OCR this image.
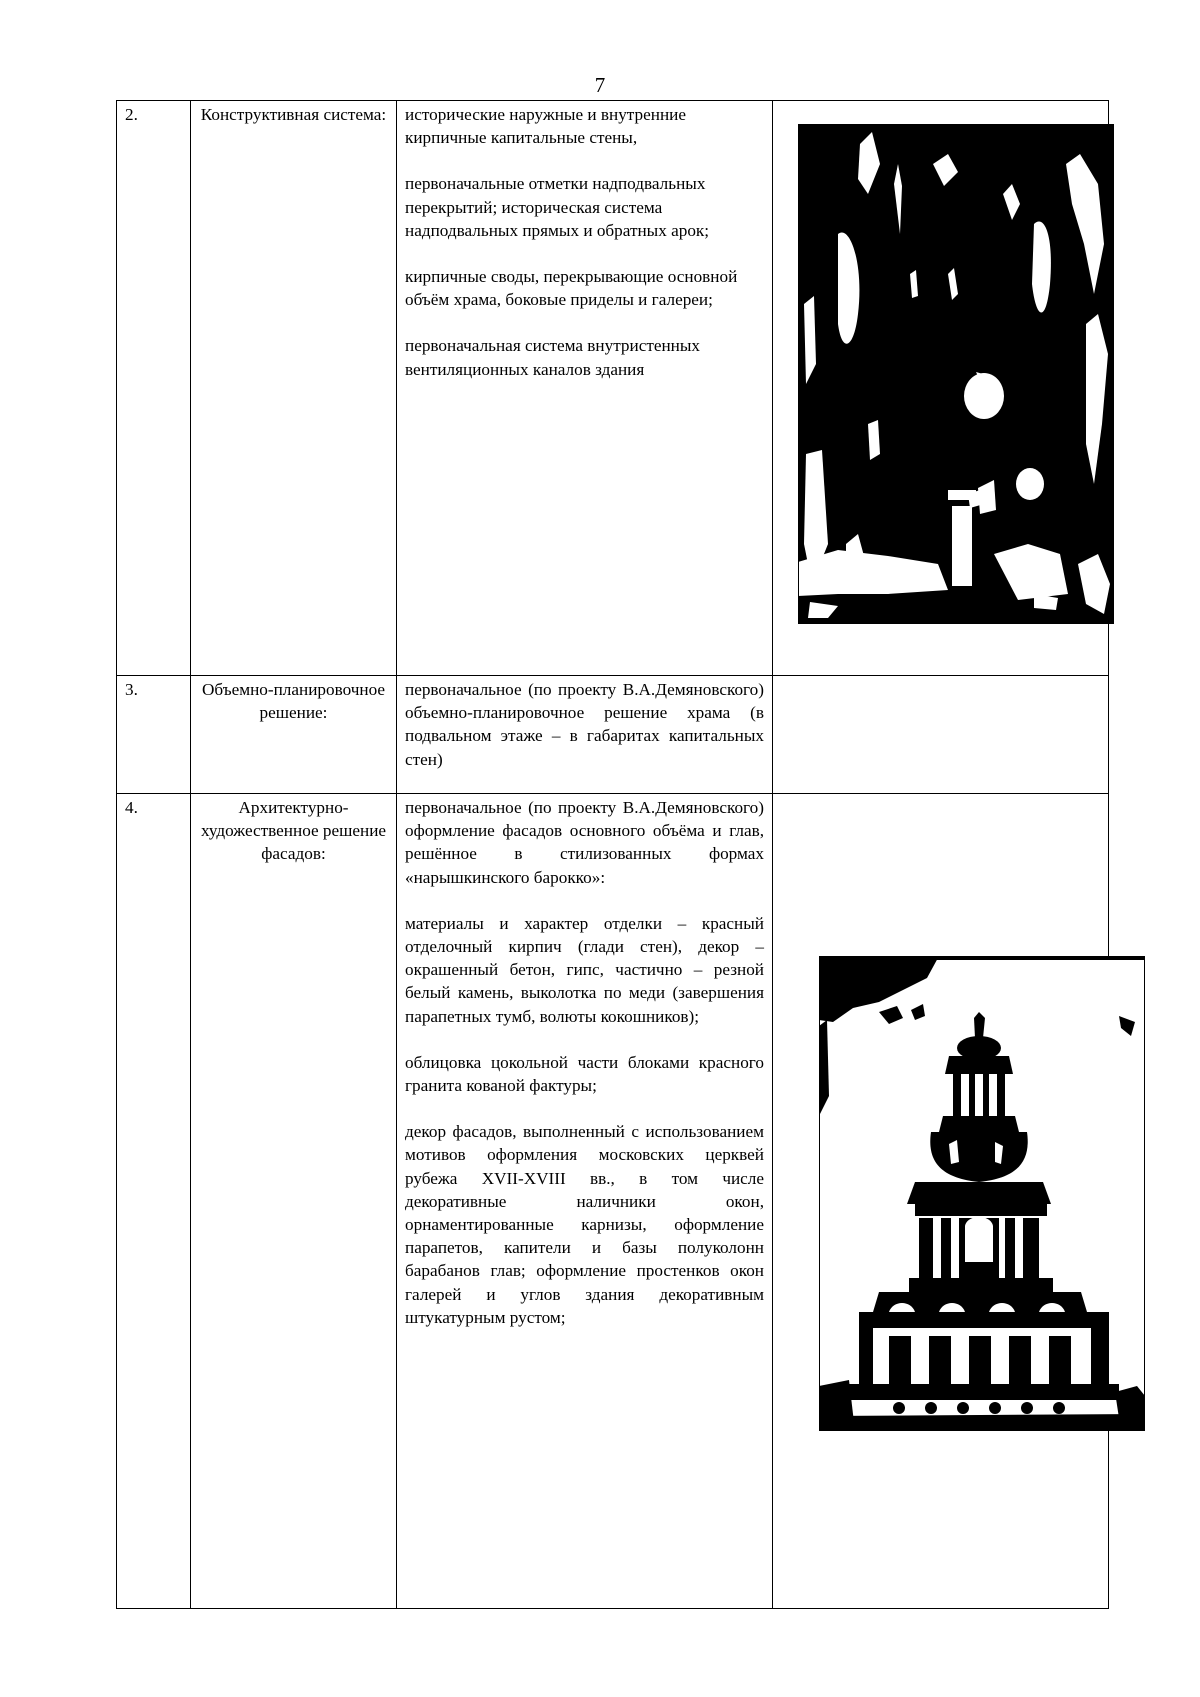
7
2.	Конструктивная система:	исторические наружные и внутренние кирпичные капитальные стены,

первоначальные отметки надподвальных перекрытий; историческая система надподвальных прямых и обратных арок;

кирпичные своды, перекрывающие основной объём храма, боковые приделы и галереи;

первоначальная система внутристенных вентиляционных каналов здания

3.	Объемно-планировочное решение:	первоначальное (по проекту В.А.Демяновского) объемно-планировочное решение храма (в подвальном этаже – в габаритах капитальных стен)	

4.	Архитектурно-художественное решение фасадов:	первоначальное (по проекту В.А.Демяновского) оформление фасадов основного объёма и глав, решённое в стилизованных формах «нарышкинского барокко»:

материалы и характер отделки – красный отделочный кирпич (глади стен), декор – окрашенный бетон, гипс, частично – резной белый камень, выколотка по меди (завершения парапетных тумб, волюты кокошников);

облицовка цокольной части блоками красного гранита кованой фактуры;

декор фасадов, выполненный с использованием мотивов оформления московских церквей рубежа XVII-XVIII вв., в том числе декоративные наличники окон, орнаментированные карнизы, оформление парапетов, капители и базы полуколонн барабанов глав; оформление простенков окон галерей и углов здания декоративным штукатурным рустом;
